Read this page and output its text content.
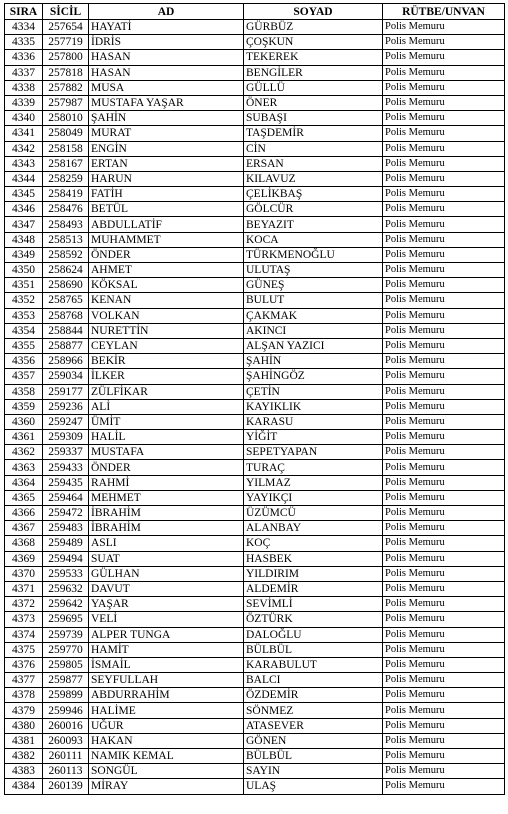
SIRA	SİCİL	AD	SOYAD	RÜTBE/UNVAN
4334	257654	HAYATİ	GÜRBÜZ	Polis Memuru
4335	257719	İDRİS	ÇOŞKUN	Polis Memuru
4336	257800	HASAN	TEKEREK	Polis Memuru
4337	257818	HASAN	BENGİLER	Polis Memuru
4338	257882	MUSA	GÜLLÜ	Polis Memuru
4339	257987	MUSTAFA YAŞAR	ÖNER	Polis Memuru
4340	258010	ŞAHİN	SUBAŞI	Polis Memuru
4341	258049	MURAT	TAŞDEMİR	Polis Memuru
4342	258158	ENGİN	CİN	Polis Memuru
4343	258167	ERTAN	ERSAN	Polis Memuru
4344	258259	HARUN	KILAVUZ	Polis Memuru
4345	258419	FATİH	ÇELİKBAŞ	Polis Memuru
4346	258476	BETÜL	GÖLCÜR	Polis Memuru
4347	258493	ABDULLATİF	BEYAZIT	Polis Memuru
4348	258513	MUHAMMET	KOCA	Polis Memuru
4349	258592	ÖNDER	TÜRKMENOĞLU	Polis Memuru
4350	258624	AHMET	ULUTAŞ	Polis Memuru
4351	258690	KÖKSAL	GÜNEŞ	Polis Memuru
4352	258765	KENAN	BULUT	Polis Memuru
4353	258768	VOLKAN	ÇAKMAK	Polis Memuru
4354	258844	NURETTİN	AKINCI	Polis Memuru
4355	258877	CEYLAN	ALŞAN YAZICI	Polis Memuru
4356	258966	BEKİR	ŞAHİN	Polis Memuru
4357	259034	İLKER	ŞAHİNGÖZ	Polis Memuru
4358	259177	ZÜLFİKAR	ÇETİN	Polis Memuru
4359	259236	ALİ	KAYIKLIK	Polis Memuru
4360	259247	ÜMİT	KARASU	Polis Memuru
4361	259309	HALİL	YİĞİT	Polis Memuru
4362	259337	MUSTAFA	SEPETYAPAN	Polis Memuru
4363	259433	ÖNDER	TURAÇ	Polis Memuru
4364	259435	RAHMİ	YILMAZ	Polis Memuru
4365	259464	MEHMET	YAYIKÇI	Polis Memuru
4366	259472	İBRAHİM	ÜZÜMCÜ	Polis Memuru
4367	259483	İBRAHİM	ALANBAY	Polis Memuru
4368	259489	ASLI	KOÇ	Polis Memuru
4369	259494	SUAT	HASBEK	Polis Memuru
4370	259533	GÜLHAN	YILDIRIM	Polis Memuru
4371	259632	DAVUT	ALDEMİR	Polis Memuru
4372	259642	YAŞAR	SEVİMLİ	Polis Memuru
4373	259695	VELİ	ÖZTÜRK	Polis Memuru
4374	259739	ALPER TUNGA	DALOĞLU	Polis Memuru
4375	259770	HAMİT	BÜLBÜL	Polis Memuru
4376	259805	İSMAİL	KARABULUT	Polis Memuru
4377	259877	SEYFULLAH	BALCI	Polis Memuru
4378	259899	ABDURRAHİM	ÖZDEMİR	Polis Memuru
4379	259946	HALİME	SÖNMEZ	Polis Memuru
4380	260016	UĞUR	ATASEVER	Polis Memuru
4381	260093	HAKAN	GÖNEN	Polis Memuru
4382	260111	NAMIK KEMAL	BÜLBÜL	Polis Memuru
4383	260113	SONGÜL	SAYIN	Polis Memuru
4384	260139	MİRAY	ULAŞ	Polis Memuru
